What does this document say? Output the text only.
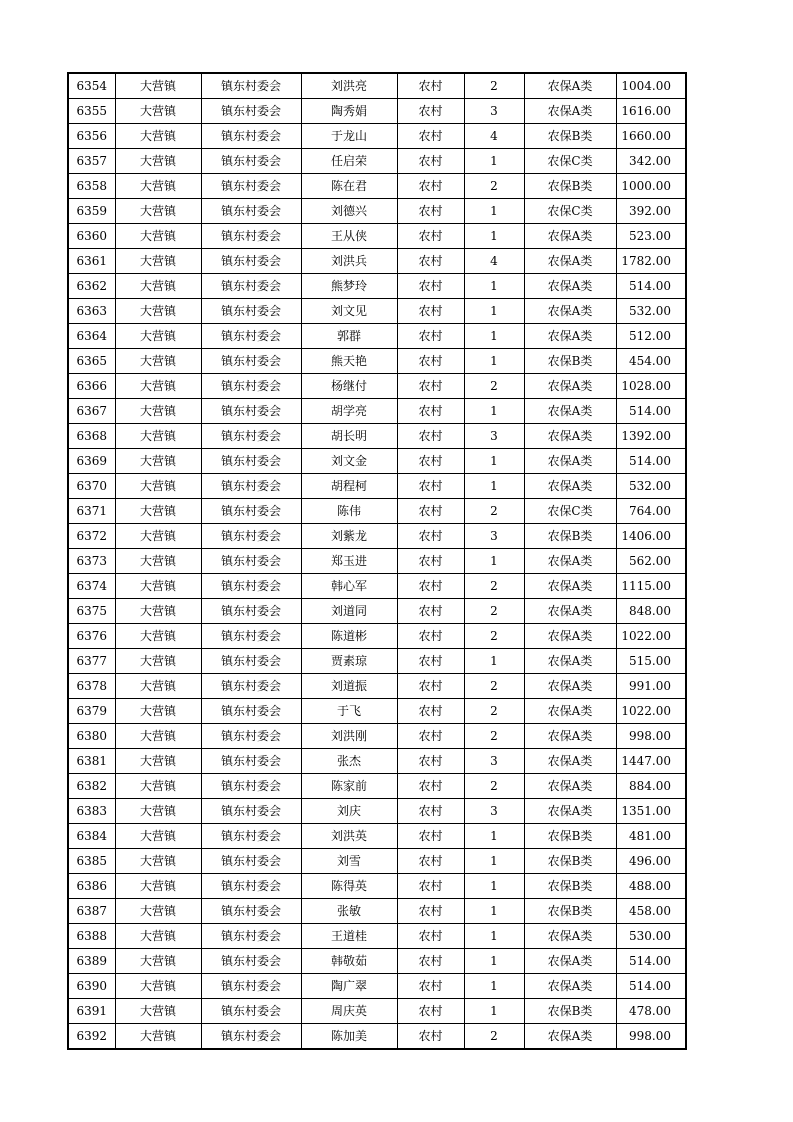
6354	大营镇	镇东村委会	刘洪亮	农村	2	农保A类	1004.00
6355	大营镇	镇东村委会	陶秀娟	农村	3	农保A类	1616.00
6356	大营镇	镇东村委会	于龙山	农村	4	农保B类	1660.00
6357	大营镇	镇东村委会	任启荣	农村	1	农保C类	342.00
6358	大营镇	镇东村委会	陈在君	农村	2	农保B类	1000.00
6359	大营镇	镇东村委会	刘德兴	农村	1	农保C类	392.00
6360	大营镇	镇东村委会	王从侠	农村	1	农保A类	523.00
6361	大营镇	镇东村委会	刘洪兵	农村	4	农保A类	1782.00
6362	大营镇	镇东村委会	熊梦玲	农村	1	农保A类	514.00
6363	大营镇	镇东村委会	刘文见	农村	1	农保A类	532.00
6364	大营镇	镇东村委会	郭群	农村	1	农保A类	512.00
6365	大营镇	镇东村委会	熊天艳	农村	1	农保B类	454.00
6366	大营镇	镇东村委会	杨继付	农村	2	农保A类	1028.00
6367	大营镇	镇东村委会	胡学亮	农村	1	农保A类	514.00
6368	大营镇	镇东村委会	胡长明	农村	3	农保A类	1392.00
6369	大营镇	镇东村委会	刘文金	农村	1	农保A类	514.00
6370	大营镇	镇东村委会	胡程柯	农村	1	农保A类	532.00
6371	大营镇	镇东村委会	陈伟	农村	2	农保C类	764.00
6372	大营镇	镇东村委会	刘紫龙	农村	3	农保B类	1406.00
6373	大营镇	镇东村委会	郑玉进	农村	1	农保A类	562.00
6374	大营镇	镇东村委会	韩心军	农村	2	农保A类	1115.00
6375	大营镇	镇东村委会	刘道同	农村	2	农保A类	848.00
6376	大营镇	镇东村委会	陈道彬	农村	2	农保A类	1022.00
6377	大营镇	镇东村委会	贾素琼	农村	1	农保A类	515.00
6378	大营镇	镇东村委会	刘道振	农村	2	农保A类	991.00
6379	大营镇	镇东村委会	于飞	农村	2	农保A类	1022.00
6380	大营镇	镇东村委会	刘洪刚	农村	2	农保A类	998.00
6381	大营镇	镇东村委会	张杰	农村	3	农保A类	1447.00
6382	大营镇	镇东村委会	陈家前	农村	2	农保A类	884.00
6383	大营镇	镇东村委会	刘庆	农村	3	农保A类	1351.00
6384	大营镇	镇东村委会	刘洪英	农村	1	农保B类	481.00
6385	大营镇	镇东村委会	刘雪	农村	1	农保B类	496.00
6386	大营镇	镇东村委会	陈得英	农村	1	农保B类	488.00
6387	大营镇	镇东村委会	张敏	农村	1	农保B类	458.00
6388	大营镇	镇东村委会	王道桂	农村	1	农保A类	530.00
6389	大营镇	镇东村委会	韩敬茹	农村	1	农保A类	514.00
6390	大营镇	镇东村委会	陶广翠	农村	1	农保A类	514.00
6391	大营镇	镇东村委会	周庆英	农村	1	农保B类	478.00
6392	大营镇	镇东村委会	陈加美	农村	2	农保A类	998.00
